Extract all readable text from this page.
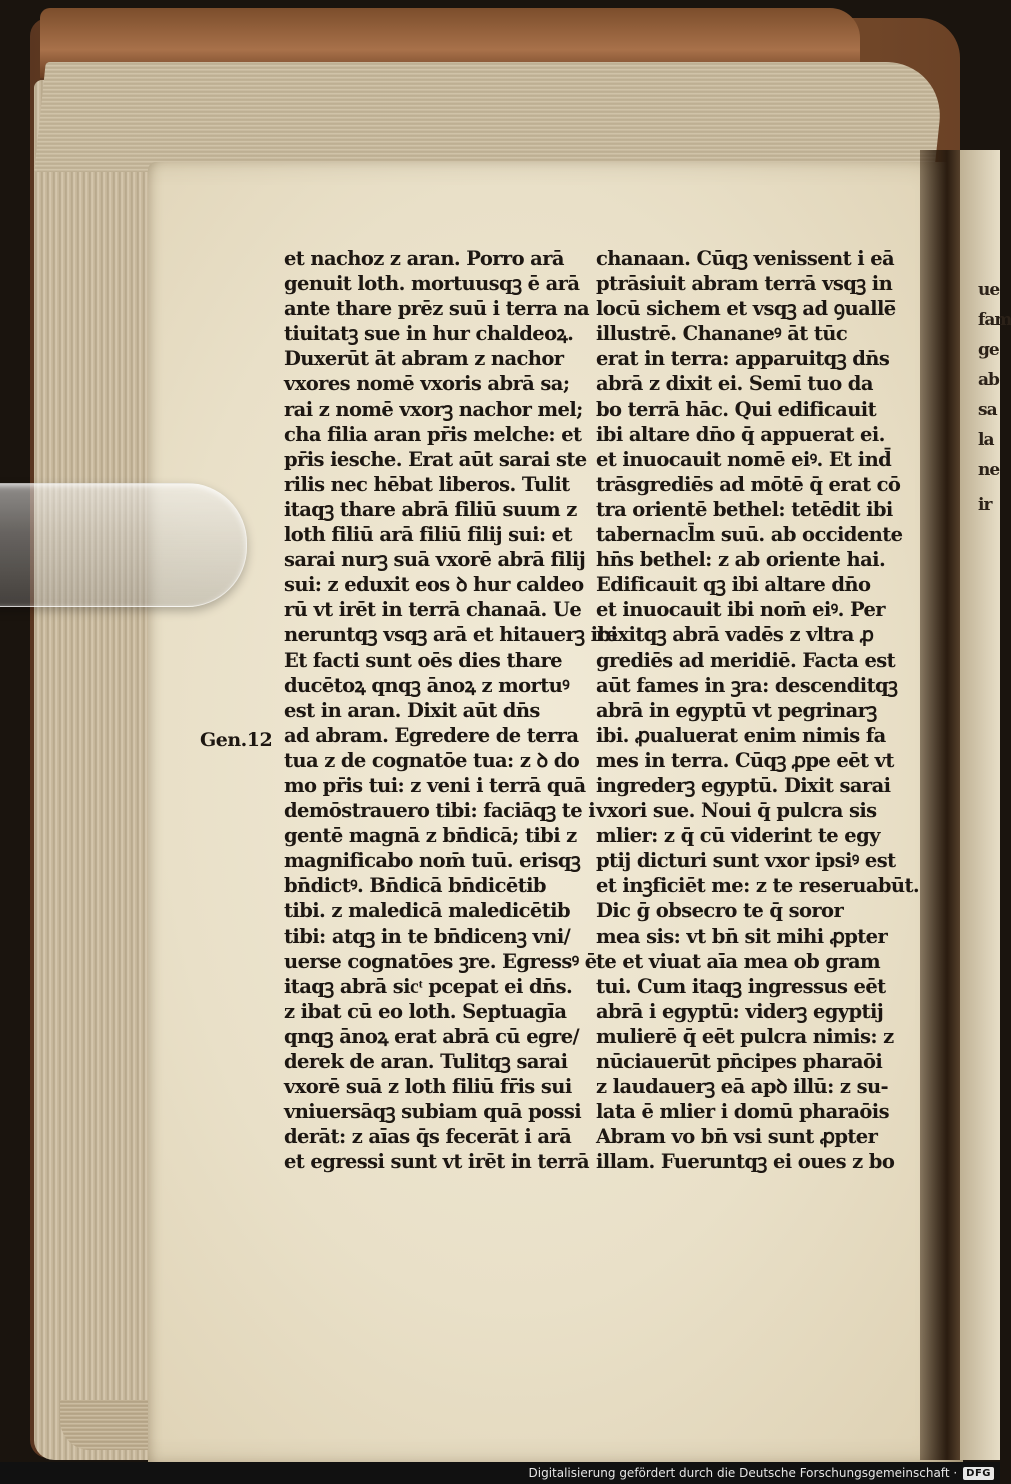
ue
fam
ge
ab
sa
la
ne
ir
Gen.12
et nachoz z aran. Porro arā
genuit loth. mortuusqꝫ ē arā
ante thare prēz suū i terra na
tiuitatꝫ sue in hur chaldeoꝝ.
Duxerūt āt abram z nachor
vxores nomē vxoris abrā sa;
rai z nomē vxorꝫ nachor mel;
cha filia aran pr̄is melche: et
pr̄is iesche. Erat aūt sarai ste
rilis nec hēbat liberos. Tulit
itaqꝫ thare abrā filiū suum z
loth filiū arā filiū filij sui: et
sarai nurꝫ suā vxorē abrā filij
sui: z eduxit eos ꝺ hur caldeo
rū vt irēt in terrā chanaā. Ue
neruntqꝫ vsqꝫ arā et hitauerꝫ ibi
Et facti sunt oēs dies thare
ducētoꝝ qnqꝫ ānoꝝ z mortuꝰ
est in aran. Dixit aūt dn̄s
ad abram. Egredere de terra
tua z de cognatōe tua: z ꝺ do
mo pr̄is tui: z veni i terrā quā
demōstrauero tibi: faciāqꝫ te i
gentē magnā z bn̄dicā; tibi z
magnificabo nom̄ tuū. erisqꝫ
bn̄dictꝰ. Bn̄dicā bn̄dicētib
tibi. z maledicā maledicētib
tibi: atqꝫ in te bn̄dicenꝫ vni/
uerse cognatōes ꝫre. Egressꝰ ē
itaqꝫ abrā sicͭ pcepat ei dn̄s.
z ibat cū eo loth. Septuagīa
qnqꝫ ānoꝝ erat abrā cū egre/
derek de aran. Tulitqꝫ sarai
vxorē suā z loth filiū fr̄is sui
vniuersāqꝫ subiam quā possi
derāt: z aīas q̄s fecerāt i arā
et egressi sunt vt irēt in terrā
chanaan. Cūqꝫ venissent i eā
ptrāsiuit abram terrā vsqꝫ in
locū sichem et vsqꝫ ad ꝯualle̅
illustrē. Chananeꝰ āt tūc
erat in terra: apparuitqꝫ dn̄s
abrā z dixit ei. Semī tuo da
bo terrā hāc. Qui edificauit
ibi altare dn̄o q̄ appuerat ei.
et inuocauit nomē eiꝰ. Et ind̄
trāsgrediēs ad mōtē q̄ erat cō
tra orientē bethel: tetēdit ibi
tabernacl̄m suū. ab occidente
hn̄s bethel: z ab oriente hai.
Edificauit qꝫ ibi altare dn̄o
et inuocauit ibi nom̄ eiꝰ. Per
rexitqꝫ abrā vadēs z vltra ꝓ
grediēs ad meridiē. Facta est
aūt fames in ꝫra: descenditqꝫ
abrā in egyptū vt pegrinarꝫ
ibi. ꝓualuerat enim nimis fa
mes in terra. Cūqꝫ ꝓpe eēt vt
ingrederꝫ egyptū. Dixit sarai
vxori sue. Noui q̄ pulcra sis
mlier: z q̄ cū viderint te egy
ptij dicturi sunt vxor ipsiꝰ est
et inꝫficiēt me: z te reseruabūt.
Dic ḡ obsecro te q̄ soror
mea sis: vt bn̄ sit mihi ꝓpter
te et viuat aīa mea ob gram
tui. Cum itaqꝫ ingressus eēt
abrā i egyptū: viderꝫ egyptij
mulierē q̄ eēt pulcra nimis: z
nūciauerūt pn̄cipes pharaōi
z laudauerꝫ eā apꝺ illū: z su-
lata ē mlier i domū pharaōis
Abram vo bn̄ vsi sunt ꝓpter
illam. Fueruntqꝫ ei oues z bo
Digitalisierung gefördert durch die Deutsche Forschungsgemeinschaft · DFG
